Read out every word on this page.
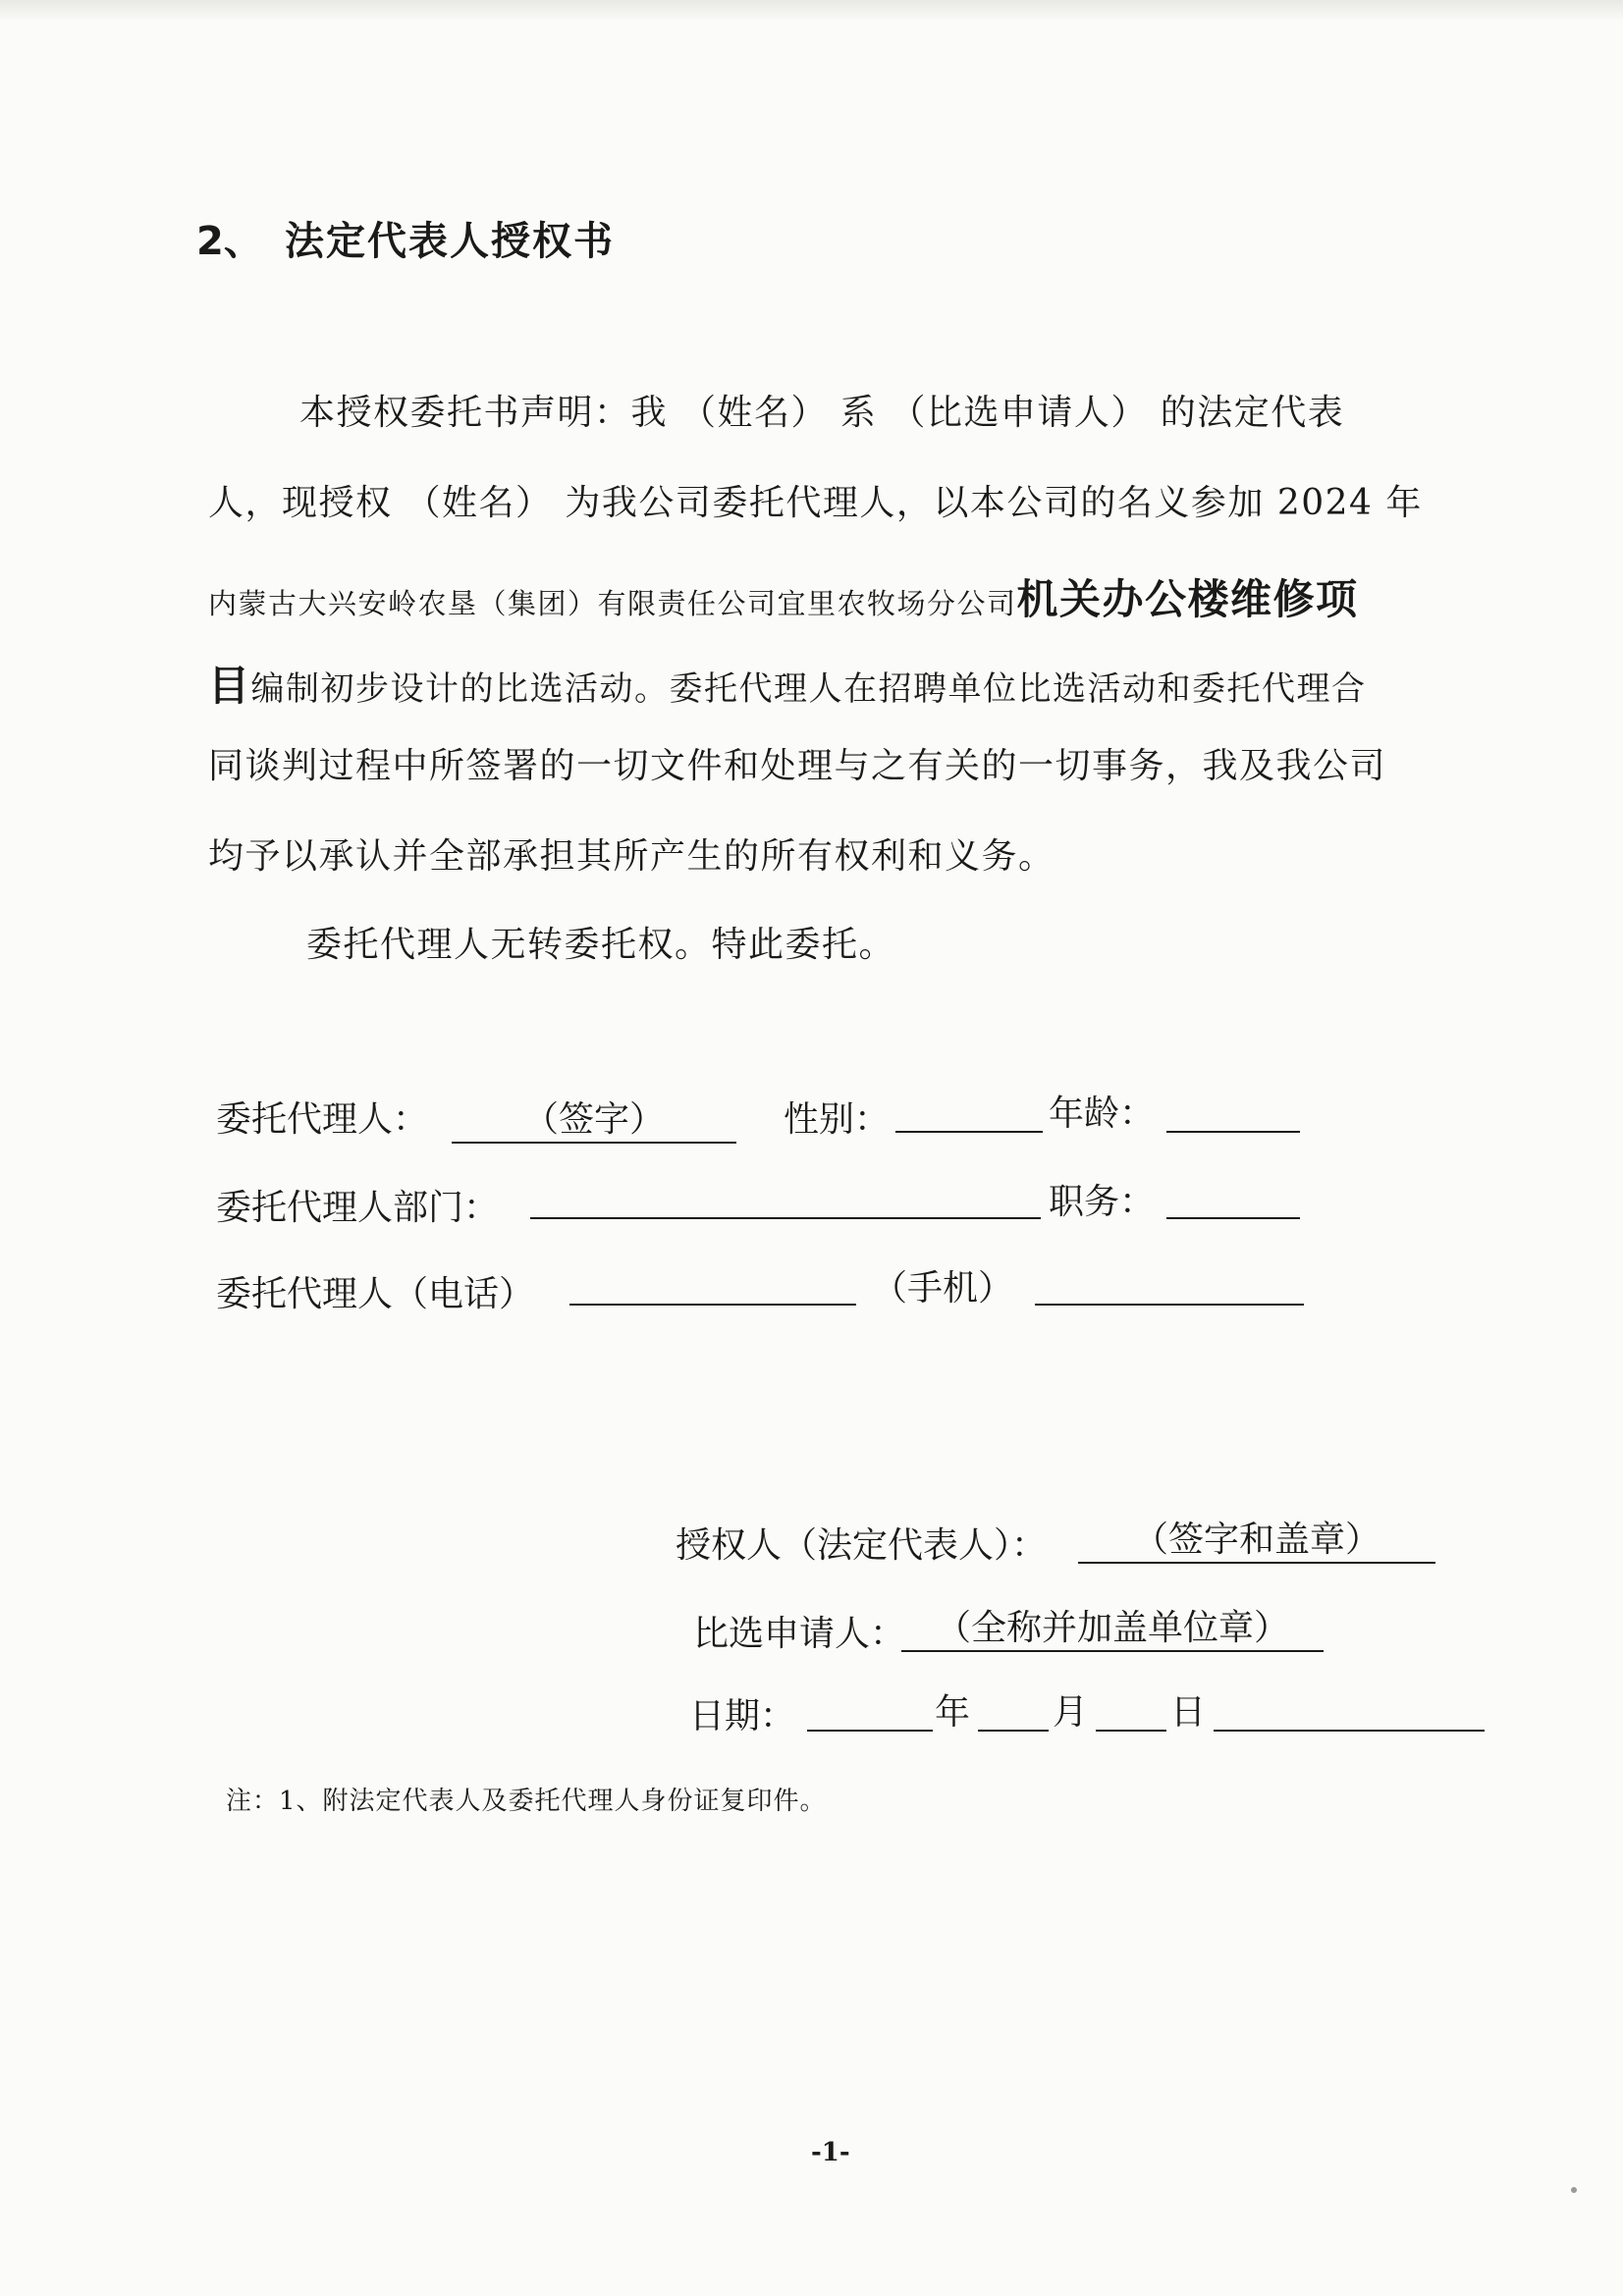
2、 法定代表人授权书
本授权委托书声明：我 （姓名） 系 （比选申请人） 的法定代表
人，现授权 （姓名） 为我公司委托代理人，以本公司的名义参加 2024 年
内蒙古大兴安岭农垦（集团）有限责任公司宜里农牧场分公司机关办公楼维修项
目编制初步设计的比选活动。委托代理人在招聘单位比选活动和委托代理合
同谈判过程中所签署的一切文件和处理与之有关的一切事务，我及我公司
均予以承认并全部承担其所产生的所有权利和义务。
委托代理人无转委托权。特此委托。
委托代理人：	（签字）	性别：	年龄：
委托代理人部门：	职务：
委托代理人（电话）	（手机）
授权人（法定代表人）：	（签字和盖章）
比选申请人： （全称并加盖单位章）
日期：	年 月 日
注：1、附法定代表人及委托代理人身份证复印件。
-1-
